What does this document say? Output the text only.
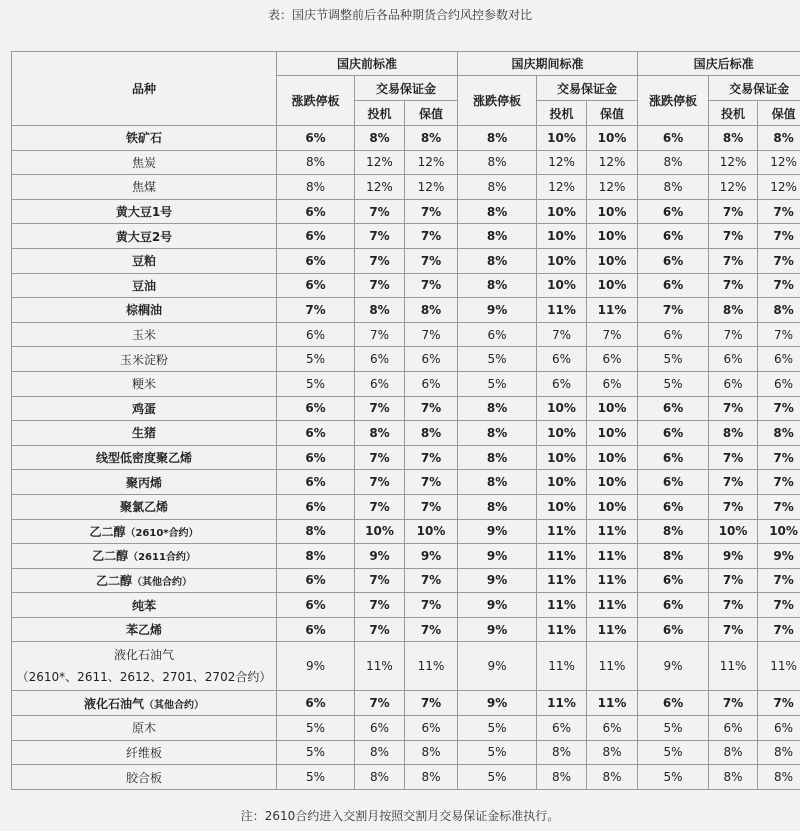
表：国庆节调整前后各品种期货合约风控参数对比
品种	国庆前标准			国庆期间标准			国庆后标准		
	涨跌停板	交易保证金		涨跌停板	交易保证金		涨跌停板	交易保证金	
		投机	保值		投机	保值		投机	保值
铁矿石	6%	8%	8%	8%	10%	10%	6%	8%	8%
焦炭	8%	12%	12%	8%	12%	12%	8%	12%	12%
焦煤	8%	12%	12%	8%	12%	12%	8%	12%	12%
黄大豆1号	6%	7%	7%	8%	10%	10%	6%	7%	7%
黄大豆2号	6%	7%	7%	8%	10%	10%	6%	7%	7%
豆粕	6%	7%	7%	8%	10%	10%	6%	7%	7%
豆油	6%	7%	7%	8%	10%	10%	6%	7%	7%
棕榈油	7%	8%	8%	9%	11%	11%	7%	8%	8%
玉米	6%	7%	7%	6%	7%	7%	6%	7%	7%
玉米淀粉	5%	6%	6%	5%	6%	6%	5%	6%	6%
粳米	5%	6%	6%	5%	6%	6%	5%	6%	6%
鸡蛋	6%	7%	7%	8%	10%	10%	6%	7%	7%
生猪	6%	8%	8%	8%	10%	10%	6%	8%	8%
线型低密度聚乙烯	6%	7%	7%	8%	10%	10%	6%	7%	7%
聚丙烯	6%	7%	7%	8%	10%	10%	6%	7%	7%
聚氯乙烯	6%	7%	7%	8%	10%	10%	6%	7%	7%
乙二醇（2610*合约）	8%	10%	10%	9%	11%	11%	8%	10%	10%
乙二醇（2611合约）	8%	9%	9%	9%	11%	11%	8%	9%	9%
乙二醇（其他合约）	6%	7%	7%	9%	11%	11%	6%	7%	7%
纯苯	6%	7%	7%	9%	11%	11%	6%	7%	7%
苯乙烯	6%	7%	7%	9%	11%	11%	6%	7%	7%
液化石油气
（2610*、2611、2612、2701、2702合约）	9%	11%	11%	9%	11%	11%	9%	11%	11%
液化石油气（其他合约）	6%	7%	7%	9%	11%	11%	6%	7%	7%
原木	5%	6%	6%	5%	6%	6%	5%	6%	6%
纤维板	5%	8%	8%	5%	8%	8%	5%	8%	8%
胶合板	5%	8%	8%	5%	8%	8%	5%	8%	8%
注：2610合约进入交割月按照交割月交易保证金标准执行。
